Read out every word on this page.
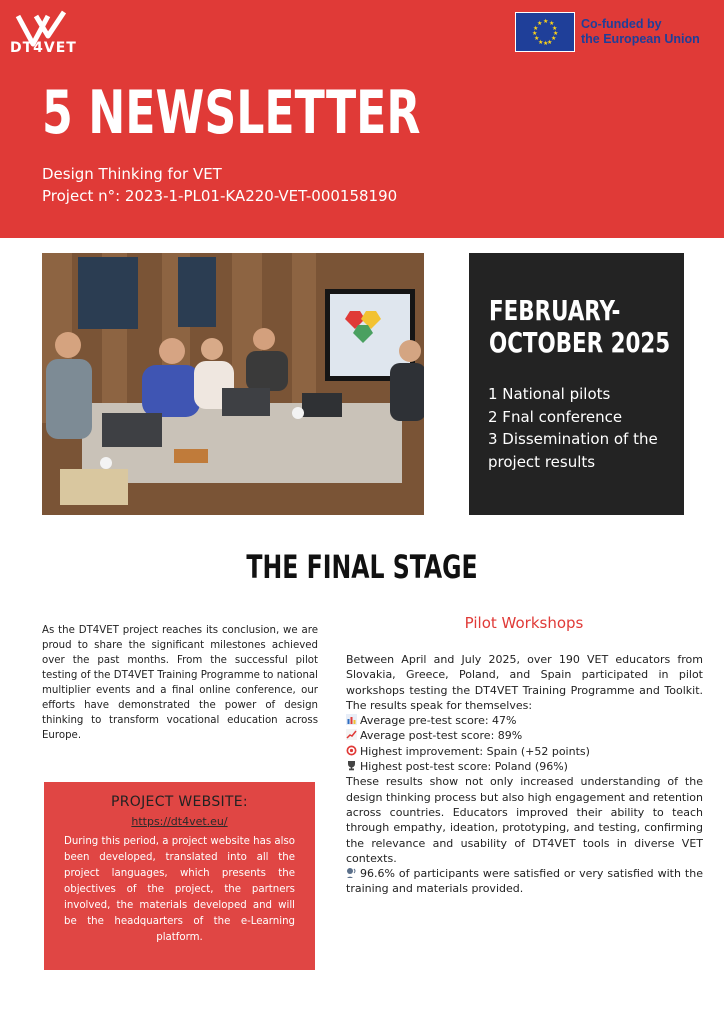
DT4VET
★ ★
★
★
★
★
★
★
★
★
★
★	Co-funded by
the European Union
5 NEWSLETTER
Design Thinking for VET
Project n°: 2023-1-PL01-KA220-VET-000158190
FEBRUARY-
OCTOBER 2025
1 National pilots
2 Fnal conference
3 Dissemination of the
project results
THE FINAL STAGE
As the DT4VET project reaches its conclusion, we are proud to share the significant milestones achieved over the past months. From the successful pilot testing of the DT4VET Training Programme to national multiplier events and a final online conference, our efforts have demonstrated the power of design thinking to transform vocational education across Europe.
PROJECT WEBSITE:
https://dt4vet.eu/
During this period, a project website has also been developed, translated into all the project languages, which presents the objectives of the project, the partners involved, the materials developed and will be the headquarters of the e-Learning platform.
Pilot Workshops
Between April and July 2025, over 190 VET educators from Slovakia, Greece, Poland, and Spain participated in pilot workshops testing the DT4VET Training Programme and Toolkit. The results speak for themselves:
Average pre-test score: 47%
Average post-test score: 89%
Highest improvement: Spain (+52 points)
Highest post-test score: Poland (96%)
These results show not only increased understanding of the design thinking process but also high engagement and retention across countries. Educators improved their ability to teach through empathy, ideation, prototyping, and testing, confirming the relevance and usability of DT4VET tools in diverse VET contexts.
96.6% of participants were satisfied or very satisfied with the training and materials provided.
